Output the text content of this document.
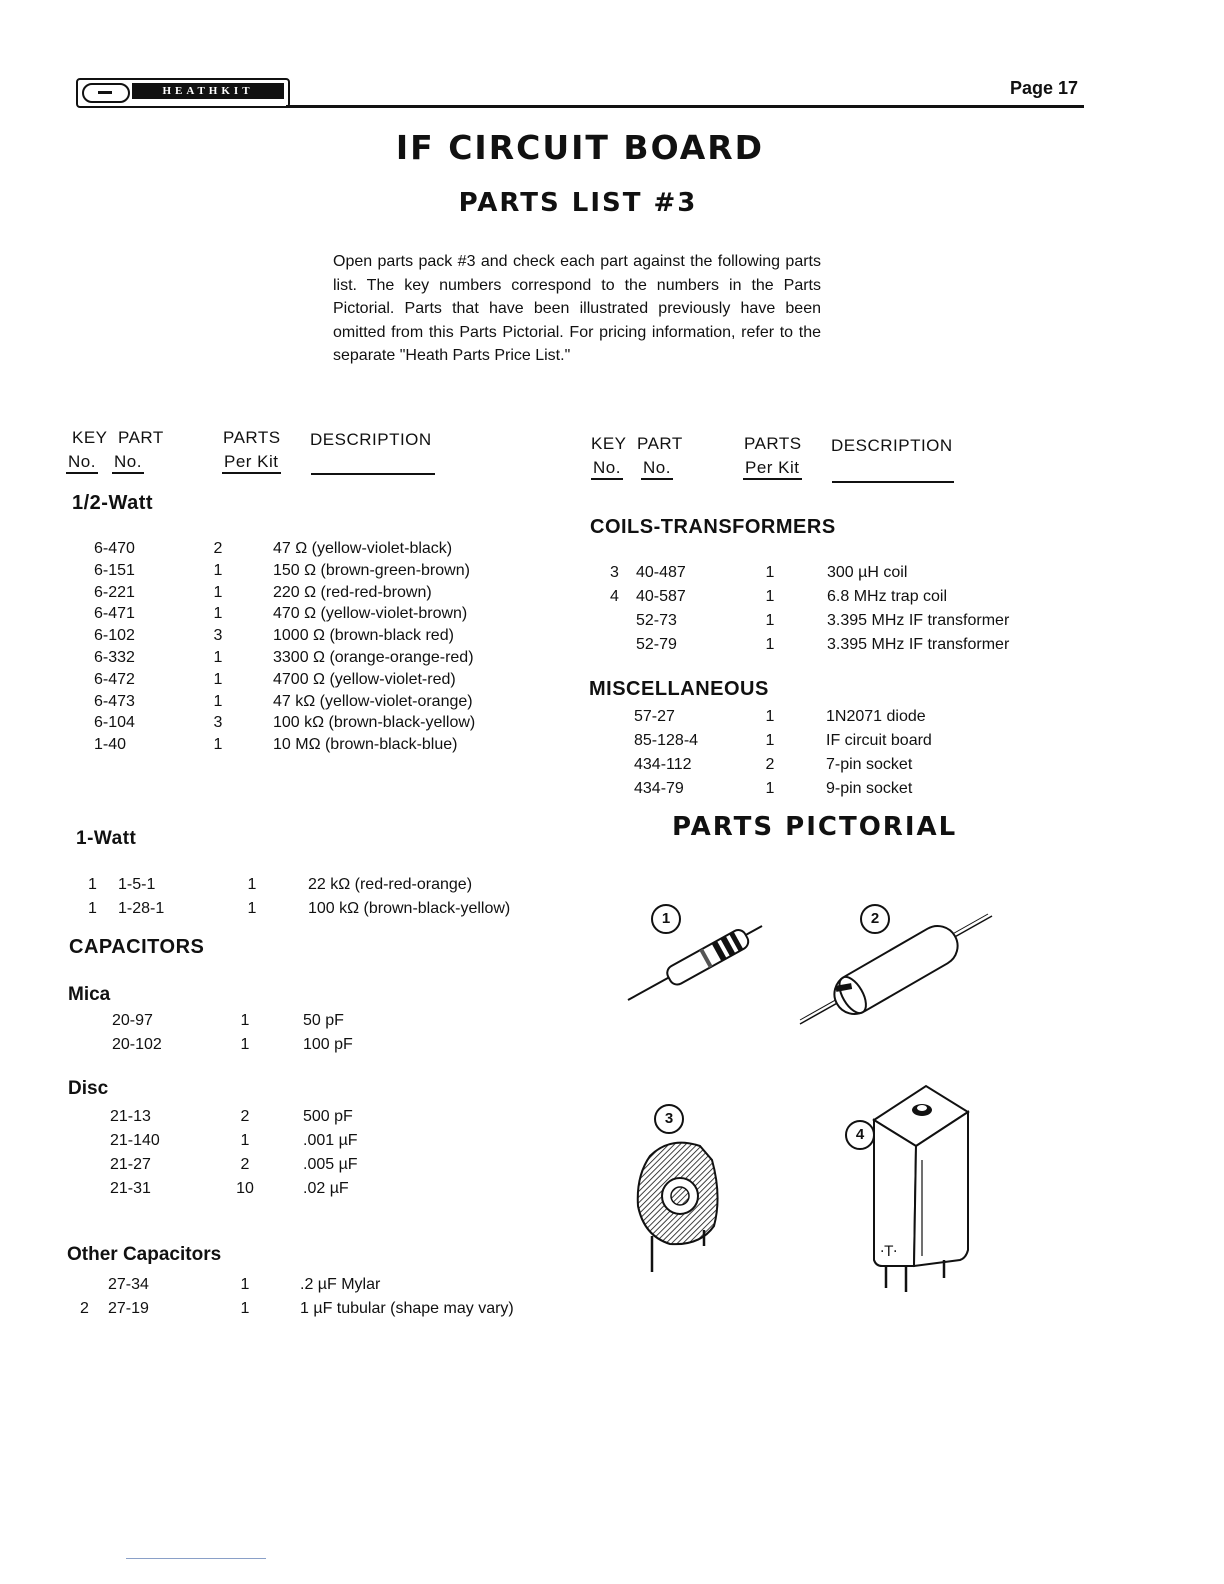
HEATHKIT	Page 17
IF CIRCUIT BOARD
PARTS LIST #3
Open parts pack #3 and check each part against the following parts list. The key numbers correspond to the numbers in the Parts Pictorial. Parts that have been illustrated previously have been omitted from this Parts Pictorial. For pricing information, refer to the separate "Heath Parts Price List."
KEY PART	PARTS DESCRIPTION
No. No.	Per Kit
KEY PART	PARTS DESCRIPTION
No. No.	Per Kit
1/2-Watt
1-Watt
CAPACITORS
Mica
Disc
Other Capacitors
COILS-TRANSFORMERS
MISCELLANEOUS
6-470	2	47 Ω (yellow-violet-black)
6-151	1	150 Ω (brown-green-brown)
6-221	1	220 Ω (red-red-brown)
6-471	1	470 Ω (yellow-violet-brown)
6-102	3	1000 Ω (brown-black red)
6-332	1	3300 Ω (orange-orange-red)
6-472	1	4700 Ω (yellow-violet-red)
6-473	1	47 kΩ (yellow-violet-orange)
6-104	3	100 kΩ (brown-black-yellow)
1-40	1	10 MΩ (brown-black-blue)
1 1-5-1	1	22 kΩ (red-red-orange)
1 1-28-1	1	100 kΩ (brown-black-yellow)
20-97	1	50 pF
20-102	1	100 pF
21-13	2	500 pF
21-140	1	.001 µF
21-27	2	.005 µF
21-31	10	.02 µF
27-34	1	.2 µF Mylar
2 27-19	1	1 µF tubular (shape may vary)
3 40-487	1	300 µH coil
4 40-587	1	6.8 MHz trap coil
52-73	1	3.395 MHz IF transformer
52-79	1	3.395 MHz IF transformer
57-27	1	1N2071 diode
85-128-4	1	IF circuit board
434-112	2	7-pin socket
434-79	1	9-pin socket
PARTS PICTORIAL
1	2
3
4
·T·
